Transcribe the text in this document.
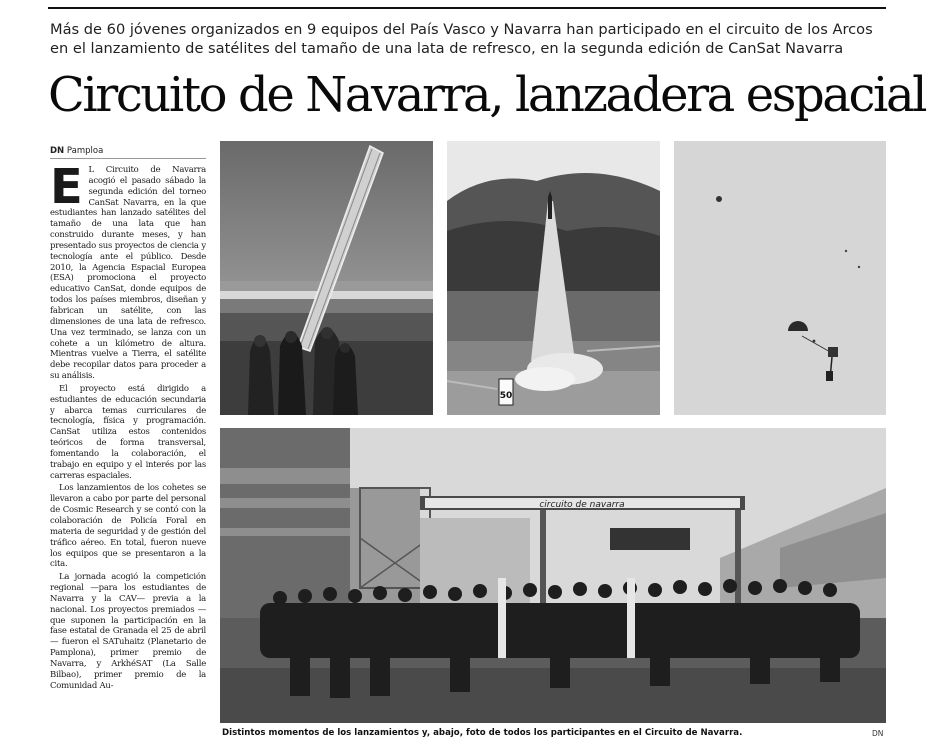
Más de 60 jóvenes organizados en 9 equipos del País Vasco y Navarra han participado en el circuito de los Arcos
en el lanzamiento de satélites del tamaño de una lata de refresco, en la segunda edición de CanSat Navarra

Circuito de Navarra, lanzadera espacial
DN Pamploa
E L Circuito de Navarra acogió el pasado sábado la segunda edición del torneo CanSat Navarra, en la que estudiantes han lanzado satélites del tamaño de una lata que han construido durante meses, y han presentado sus proyectos de ciencia y tecnología ante el público. Desde 2010, la Agencia Espacial Europea (ESA) promociona el proyecto educativo CanSat, donde equipos de todos los países miembros, diseñan y fabrican un satélite, con las dimensiones de una lata de refresco. Una vez terminado, se lanza con un cohete a un kilómetro de altura. Mientras vuelve a Tierra, el satélite debe recopilar datos para proceder a su análisis.

El proyecto está dirigido a estudiantes de educación secundaria y abarca temas curriculares de tecnología, física y programación. CanSat utiliza estos contenidos teóricos de forma transversal, fomentando la colaboración, el trabajo en equipo y el interés por las carreras espaciales.

Los lanzamientos de los cohetes se llevaron a cabo por parte del personal de Cosmic Research y se contó con la colaboración de Policía Foral en materia de seguridad y de gestión del tráfico aéreo. En total, fueron nueve los equipos que se presentaron a la cita.

La jornada acogió la competición regional —para los estudiantes de Navarra y la CAV— previa a la nacional. Los proyectos premiados —que suponen la participación en la fase estatal de Granada el 25 de abril— fueron el SATuhaitz (Planetario de Pamplona), primer premio de Navarra, y ArkhéSAT (La Salle Bilbao), primer premio de la Comunidad Au-

50
circuito de navarra
Distintos momentos de los lanzamientos y, abajo, foto de todos los participantes en el Circuito de Navarra.	DN
